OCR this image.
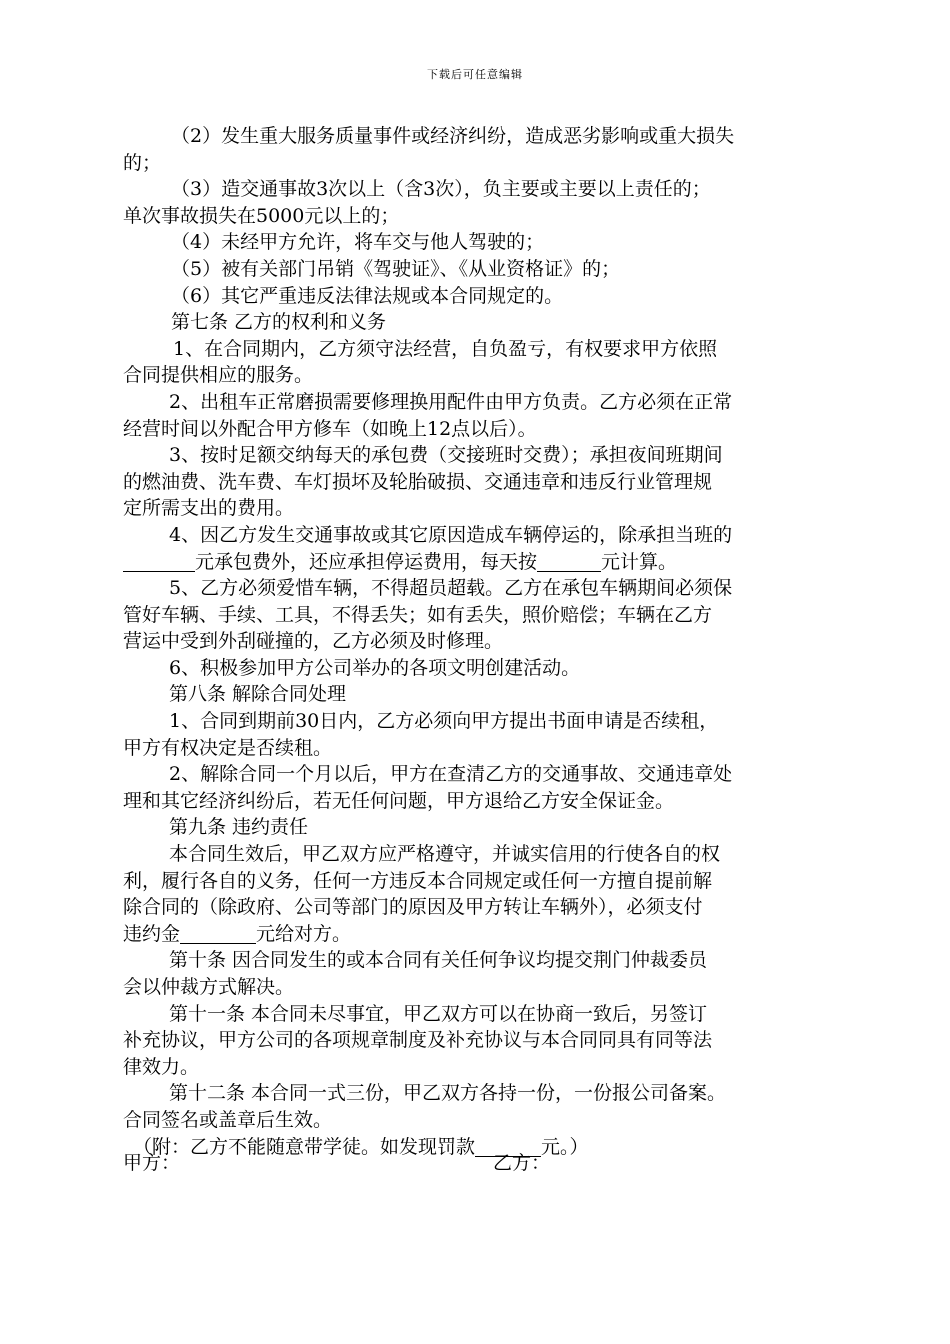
下载后可任意编辑
（2）发生重大服务质量事件或经济纠纷，造成恶劣影响或重大损失
的；
（3）造交通事故3次以上（含3次），负主要或主要以上责任的；
单次事故损失在5000元以上的；
（4）未经甲方允许，将车交与他人驾驶的；
（5）被有关部门吊销《驾驶证》、《从业资格证》的；
（6）其它严重违反法律法规或本合同规定的。
第七条 乙方的权利和义务
1、在合同期内，乙方须守法经营，自负盈亏，有权要求甲方依照
合同提供相应的服务。
2、出租车正常磨损需要修理换用配件由甲方负责。乙方必须在正常
经营时间以外配合甲方修车（如晚上12点以后）。
3、按时足额交纳每天的承包费（交接班时交费）；承担夜间班期间
的燃油费、洗车费、车灯损坏及轮胎破损、交通违章和违反行业管理规
定所需支出的费用。
4、因乙方发生交通事故或其它原因造成车辆停运的，除承担当班的
元承包费外，还应承担停运费用，每天按	元计算。
5、乙方必须爱惜车辆，不得超员超载。乙方在承包车辆期间必须保
管好车辆、手续、工具，不得丢失；如有丢失，照价赔偿；车辆在乙方
营运中受到外刮碰撞的，乙方必须及时修理。
6、积极参加甲方公司举办的各项文明创建活动。
第八条 解除合同处理
1、合同到期前30日内，乙方必须向甲方提出书面申请是否续租，
甲方有权决定是否续租。
2、解除合同一个月以后，甲方在查清乙方的交通事故、交通违章处
理和其它经济纠纷后，若无任何问题，甲方退给乙方安全保证金。
第九条 违约责任
本合同生效后，甲乙双方应严格遵守，并诚实信用的行使各自的权
利，履行各自的义务，任何一方违反本合同规定或任何一方擅自提前解
除合同的（除政府、公司等部门的原因及甲方转让车辆外），必须支付
违约金	元给对方。
第十条 因合同发生的或本合同有关任何争议均提交荆门仲裁委员
会以仲裁方式解决。
第十一条 本合同未尽事宜，甲乙双方可以在协商一致后，另签订
补充协议，甲方公司的各项规章制度及补充协议与本合同同具有同等法
律效力。
第十二条 本合同一式三份，甲乙双方各持一份，一份报公司备案。
合同签名或盖章后生效。
（附：乙方不能随意带学徒。如发现罚款	元。）
甲方：	乙方：
